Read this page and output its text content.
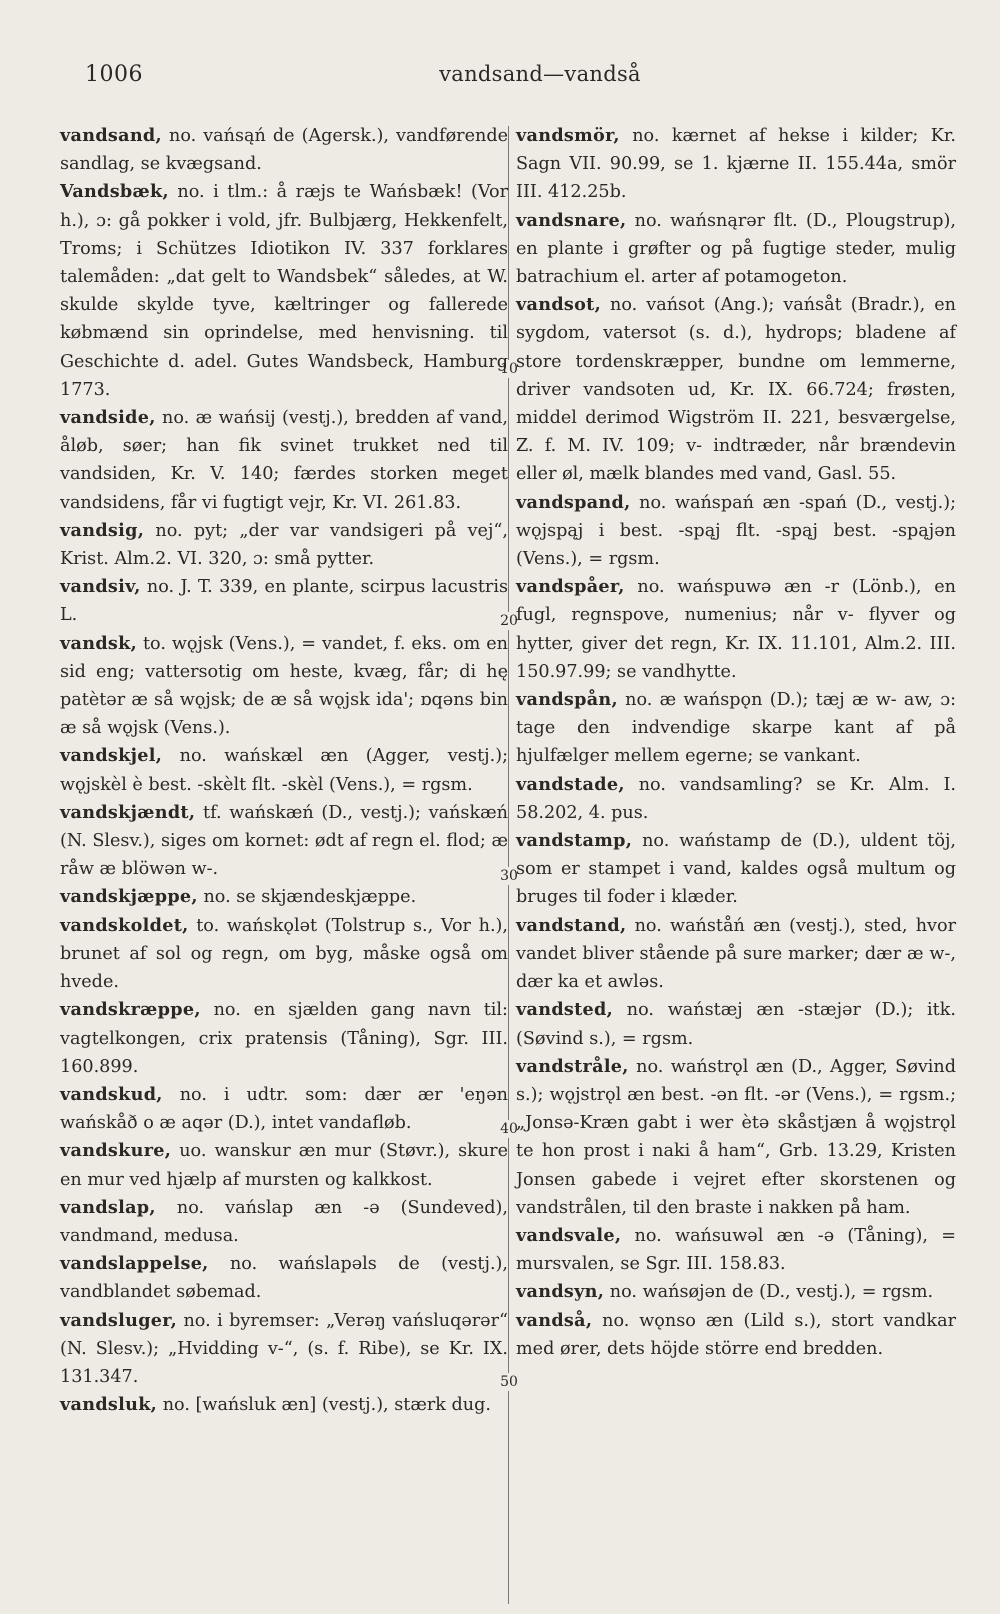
1006	vandsand—vandså
10
20
30
40
50

vandsand, no. vańsąń de (Agersk.), vandførende sandlag, se kvægsand.

Vandsbæk, no. i tlm.: å ræjs te Wańsbæk! (Vor h.), ɔ: gå pokker i vold, jfr. Bulbjærg, Hekkenfelt, Troms; i Schützes Idiotikon IV. 337 forklares talemåden: „dat gelt to Wandsbek“ således, at W. skulde skylde tyve, kæltringer og fallerede købmænd sin oprindelse, med henvisning. til Geschichte d. adel. Gutes Wandsbeck, Hamburg 1773.

vandside, no. æ wańsij (vestj.), bredden af vand, åløb, søer; han fik svinet trukket ned til vandsiden, Kr. V. 140; færdes storken meget vandsidens, får vi fugtigt vejr, Kr. VI. 261.83.

vandsig, no. pyt; „der var vandsigeri på vej“, Krist. Alm.2. VI. 320, ɔ: små pytter.

vandsiv, no. J. T. 339, en plante, scirpus lacustris L.

vandsk, to. wǫjsk (Vens.), = vandet, f. eks. om en sid eng; vattersotig om heste, kvæg, får; di hę patètər æ så wǫjsk; de æ så wǫjsk ida'; ɒqəns bin æ så wǫjsk (Vens.).

vandskjel, no. wańskæl æn (Agger, vestj.); wǫjskèl è best. -skèlt flt. -skèl (Vens.), = rgsm.

vandskjændt, tf. wańskæń (D., vestj.); vańskæń (N. Slesv.), siges om kornet: ødt af regn el. flod; æ råw æ blöwən w-.

vandskjæppe, no. se skjændeskjæppe.

vandskoldet, to. wańskǫlət (Tolstrup s., Vor h.), brunet af sol og regn, om byg, måske også om hvede.

vandskræppe, no. en sjælden gang navn til: vagtelkongen, crix pratensis (Tåning), Sgr. III. 160.899.

vandskud, no. i udtr. som: dær ær 'eŋən wańskåð o æ aqər (D.), intet vandafløb.

vandskure, uo. wanskur æn mur (Støvr.), skure en mur ved hjælp af mursten og kalkkost.

vandslap, no. vańslap æn -ə (Sundeved), vandmand, medusa.

vandslappelse, no. wańslapəls de (vestj.), vandblandet søbemad.

vandsluger, no. i byremser: „Verəŋ vańsluqərər“ (N. Slesv.); „Hvidding v-“, (s. f. Ribe), se Kr. IX. 131.347.

vandsluk, no. [wańsluk æn] (vestj.), stærk dug.

vandsmör, no. kærnet af hekse i kilder; Kr. Sagn VII. 90.99, se 1. kjærne II. 155.44a, smör III. 412.25b.

vandsnare, no. wańsnąrər flt. (D., Plougstrup), en plante i grøfter og på fugtige steder, mulig batrachium el. arter af potamogeton.

vandsot, no. vańsot (Ang.); vańsåt (Bradr.), en sygdom, vatersot (s. d.), hydrops; bladene af store tordenskræpper, bundne om lemmerne, driver vandsoten ud, Kr. IX. 66.724; frøsten, middel derimod Wigström II. 221, besværgelse, Z. f. M. IV. 109; v- indtræder, når brændevin eller øl, mælk blandes med vand, Gasl. 55.

vandspand, no. wańspań æn -spań (D., vestj.); wǫjspąj i best. -spąj flt. -spąj best. -spąjən (Vens.), = rgsm.

vandspåer, no. wańspuwə æn -r (Lönb.), en fugl, regnspove, numenius; når v- flyver og hytter, giver det regn, Kr. IX. 11.101, Alm.2. III. 150.97.99; se vandhytte.

vandspån, no. æ wańspǫn (D.); tæj æ w- aw, ɔ: tage den indvendige skarpe kant af på hjulfælger mellem egerne; se vankant.

vandstade, no. vandsamling? se Kr. Alm. I. 58.202, 4. pus.

vandstamp, no. waństamp de (D.), uldent töj, som er stampet i vand, kaldes også multum og bruges til foder i klæder.

vandstand, no. wańståń æn (vestj.), sted, hvor vandet bliver stående på sure marker; dær æ w-, dær ka et awləs.

vandsted, no. waństæj æn -stæjər (D.); itk. (Søvind s.), = rgsm.

vandstråle, no. waństrǫl æn (D., Agger, Søvind s.); wǫjstrǫl æn best. -ən flt. -ər (Vens.), = rgsm.; „Jonsə-Kræn gabt i wer ètə skåstjæn å wǫjstrǫl te hon prost i naki å ham“, Grb. 13.29, Kristen Jonsen gabede i vejret efter skorstenen og vandstrålen, til den braste i nakken på ham.

vandsvale, no. wańsuwəl æn -ə (Tåning), = mursvalen, se Sgr. III. 158.83.

vandsyn, no. wańsøjən de (D., vestj.), = rgsm.

vandså, no. wǫnso æn (Lild s.), stort vandkar med ører, dets höjde större end bredden.
